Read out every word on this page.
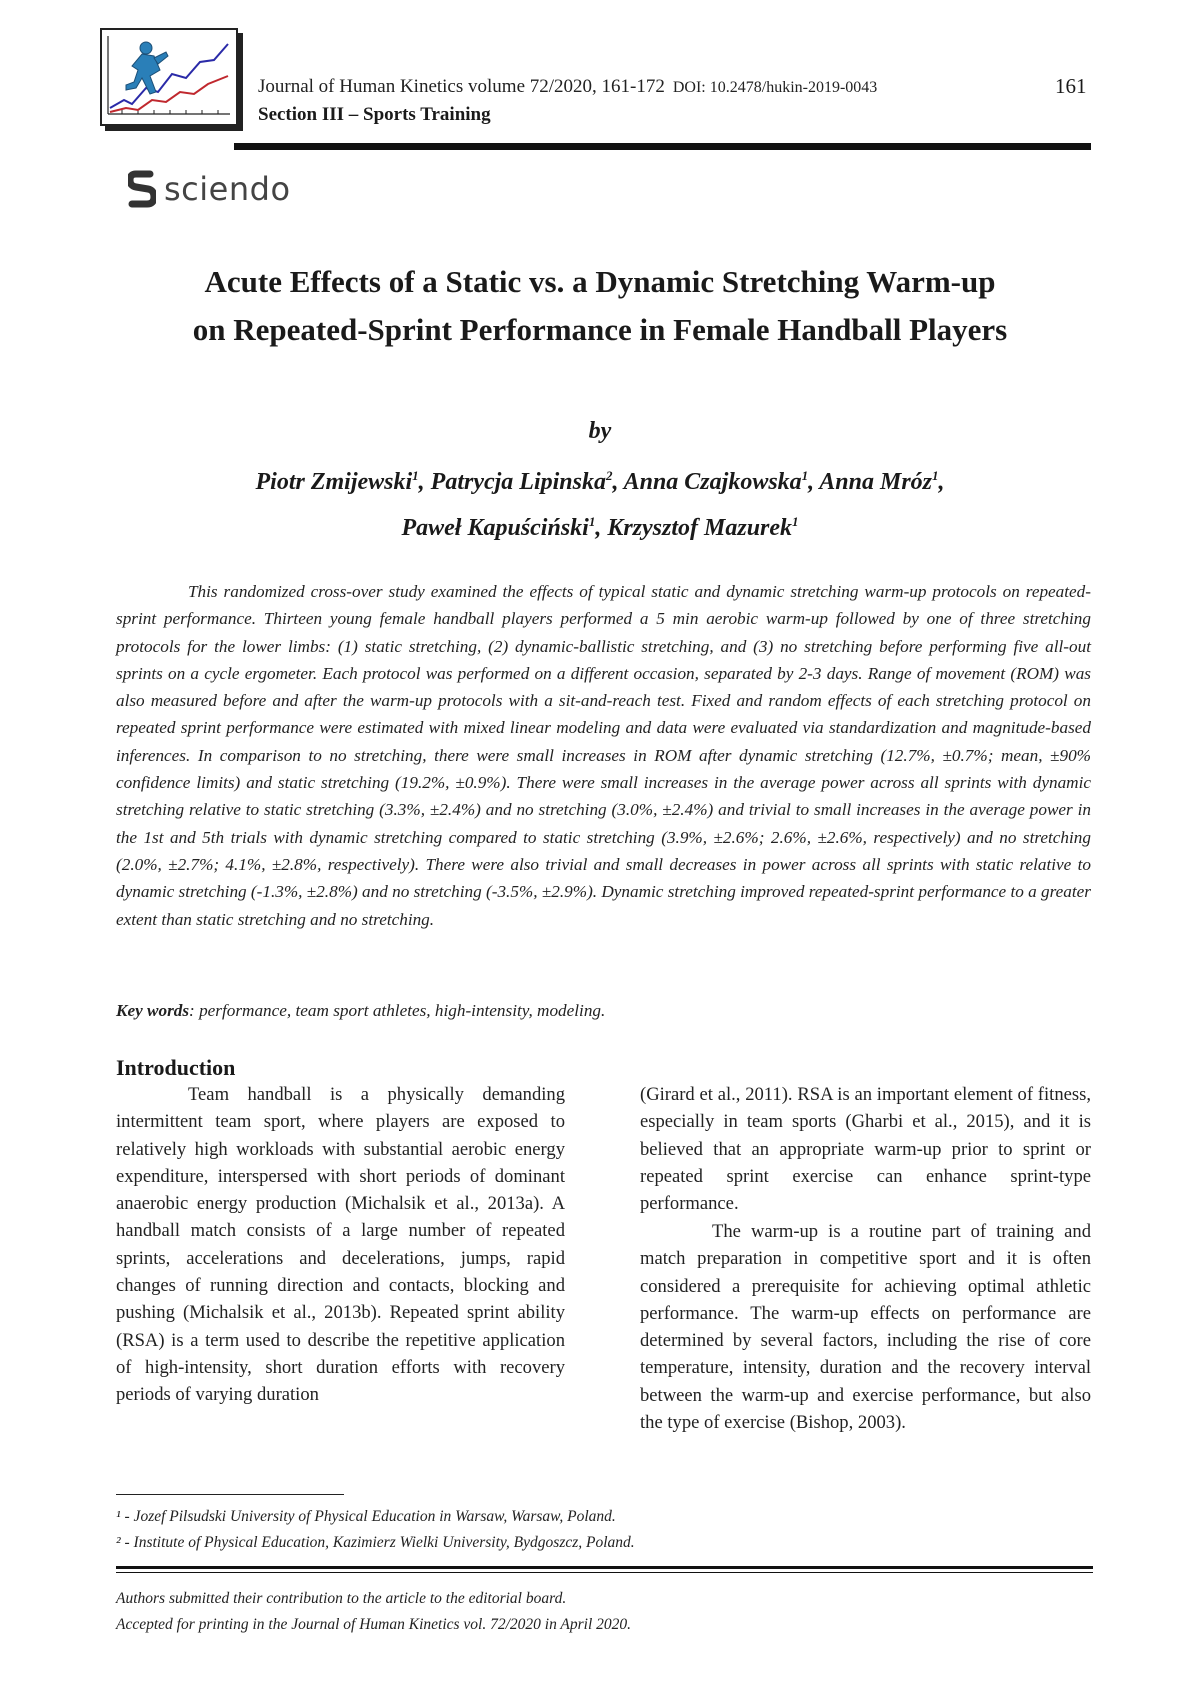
Journal of Human Kinetics volume 72/2020, 161-172 DOI: 10.2478/hukin-2019-0043	161
Section III – Sports Training
sciendo
Acute Effects of a Static vs. a Dynamic Stretching Warm-up
on Repeated-Sprint Performance in Female Handball Players
by
Piotr Zmijewski$^1$, Patrycja Lipinska$^2$, Anna Czajkowska$^1$, Anna Mróz$^1$,
Paweł Kapuściński$^1$, Krzysztof Mazurek$^1$
This randomized cross-over study examined the effects of typical static and dynamic stretching warm-up protocols on repeated-sprint performance. Thirteen young female handball players performed a 5 min aerobic warm-up followed by one of three stretching protocols for the lower limbs: (1) static stretching, (2) dynamic-ballistic stretching, and (3) no stretching before performing five all-out sprints on a cycle ergometer. Each protocol was performed on a different occasion, separated by 2-3 days. Range of movement (ROM) was also measured before and after the warm-up protocols with a sit-and-reach test. Fixed and random effects of each stretching protocol on repeated sprint performance were estimated with mixed linear modeling and data were evaluated via standardization and magnitude-based inferences. In comparison to no stretching, there were small increases in ROM after dynamic stretching (12.7%, ±0.7%; mean, ±90% confidence limits) and static stretching (19.2%, ±0.9%). There were small increases in the average power across all sprints with dynamic stretching relative to static stretching (3.3%, ±2.4%) and no stretching (3.0%, ±2.4%) and trivial to small increases in the average power in the 1st and 5th trials with dynamic stretching compared to static stretching (3.9%, ±2.6%; 2.6%, ±2.6%, respectively) and no stretching (2.0%, ±2.7%; 4.1%, ±2.8%, respectively). There were also trivial and small decreases in power across all sprints with static relative to dynamic stretching (-1.3%, ±2.8%) and no stretching (-3.5%, ±2.9%). Dynamic stretching improved repeated-sprint performance to a greater extent than static stretching and no stretching.
Key words: performance, team sport athletes, high-intensity, modeling.
Introduction
Team handball is a physically demanding intermittent team sport, where players are exposed to relatively high workloads with substantial aerobic energy expenditure, interspersed with short periods of dominant anaerobic energy production (Michalsik et al., 2013a). A handball match consists of a large number of repeated sprints, accelerations and decelerations, jumps, rapid changes of running direction and contacts, blocking and pushing (Michalsik et al., 2013b). Repeated sprint ability (RSA) is a term used to describe the repetitive application of high-intensity, short duration efforts with recovery periods of varying duration
(Girard et al., 2011). RSA is an important element of fitness, especially in team sports (Gharbi et al., 2015), and it is believed that an appropriate warm-up prior to sprint or repeated sprint exercise can enhance sprint-type performance.
The warm-up is a routine part of training and match preparation in competitive sport and it is often considered a prerequisite for achieving optimal athletic performance. The warm-up effects on performance are determined by several factors, including the rise of core temperature, intensity, duration and the recovery interval between the warm-up and exercise performance, but also the type of exercise (Bishop, 2003).
¹ - Jozef Pilsudski University of Physical Education in Warsaw, Warsaw, Poland.
² - Institute of Physical Education, Kazimierz Wielki University, Bydgoszcz, Poland.
Authors submitted their contribution to the article to the editorial board.
Accepted for printing in the Journal of Human Kinetics vol. 72/2020 in April 2020.
